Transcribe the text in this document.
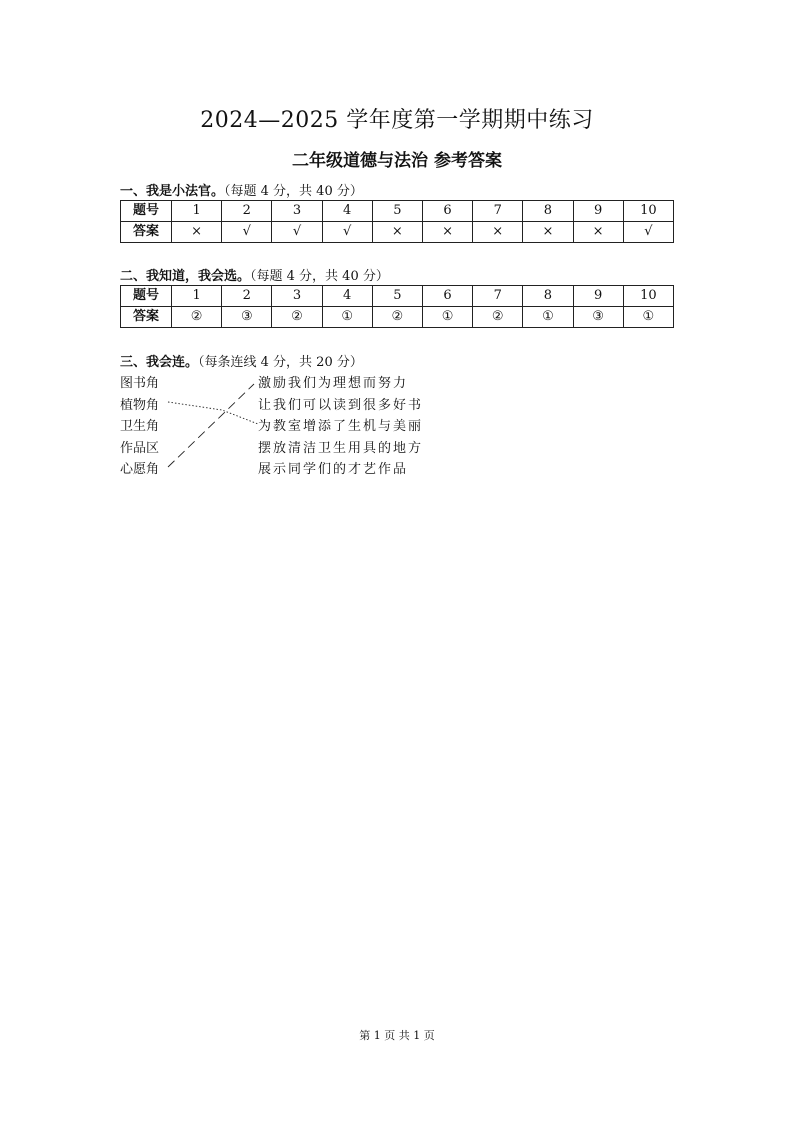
2024—2025 学年度第一学期期中练习
二年级道德与法治 参考答案
一、我是小法官。（每题 4 分，共 40 分）
题号	1	2	3	4	5	6	7	8	9	10
答案	×	√	√	√	×	×	×	×	×	√
二、我知道，我会选。（每题 4 分，共 40 分）
题号	1	2	3	4	5	6	7	8	9	10
答案	②	③	②	①	②	①	②	①	③	①
三、我会连。（每条连线 4 分，共 20 分）
图书角
植物角
卫生角
作品区
心愿角
激励我们为理想而努力
让我们可以读到很多好书
为教室增添了生机与美丽
摆放清洁卫生用具的地方
展示同学们的才艺作品
第 1 页 共 1 页
